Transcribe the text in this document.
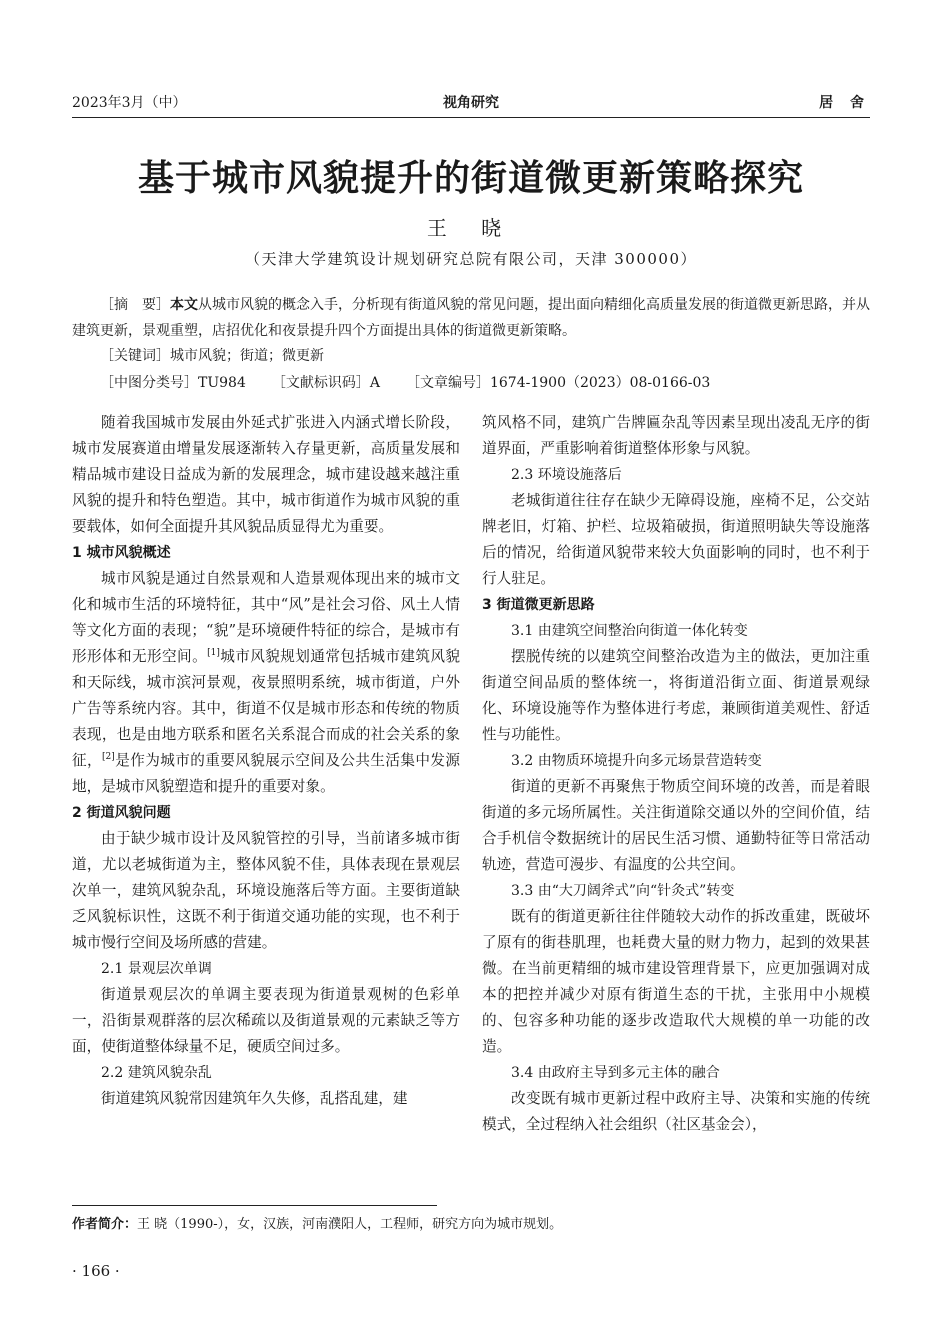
2023年3月（中）	视角研究	居 舍
基于城市风貌提升的街道微更新策略探究
王 晓
（天津大学建筑设计规划研究总院有限公司，天津 300000）
［摘　要］本文从城市风貌的概念入手，分析现有街道风貌的常见问题，提出面向精细化高质量发展的街道微更新思路，并从建筑更新，景观重塑，店招优化和夜景提升四个方面提出具体的街道微更新策略。
［关键词］城市风貌；街道；微更新
［中图分类号］TU984 ［文献标识码］A ［文章编号］1674-1900（2023）08-0166-03

随着我国城市发展由外延式扩张进入内涵式增长阶段，城市发展赛道由增量发展逐渐转入存量更新，高质量发展和精品城市建设日益成为新的发展理念，城市建设越来越注重风貌的提升和特色塑造。其中，城市街道作为城市风貌的重要载体，如何全面提升其风貌品质显得尤为重要。

1 城市风貌概述

城市风貌是通过自然景观和人造景观体现出来的城市文化和城市生活的环境特征，其中“风”是社会习俗、风土人情等文化方面的表现；“貌”是环境硬件特征的综合，是城市有形形体和无形空间。[1]城市风貌规划通常包括城市建筑风貌和天际线，城市滨河景观，夜景照明系统，城市街道，户外广告等系统内容。其中，街道不仅是城市形态和传统的物质表现，也是由地方联系和匿名关系混合而成的社会关系的象征，[2]是作为城市的重要风貌展示空间及公共生活集中发源地，是城市风貌塑造和提升的重要对象。

2 街道风貌问题

由于缺少城市设计及风貌管控的引导，当前诸多城市街道，尤以老城街道为主，整体风貌不佳，具体表现在景观层次单一，建筑风貌杂乱，环境设施落后等方面。主要街道缺乏风貌标识性，这既不利于街道交通功能的实现，也不利于城市慢行空间及场所感的营建。

2.1 景观层次单调

街道景观层次的单调主要表现为街道景观树的色彩单一，沿街景观群落的层次稀疏以及街道景观的元素缺乏等方面，使街道整体绿量不足，硬质空间过多。

2.2 建筑风貌杂乱

街道建筑风貌常因建筑年久失修，乱搭乱建，建

筑风格不同，建筑广告牌匾杂乱等因素呈现出凌乱无序的街道界面，严重影响着街道整体形象与风貌。

2.3 环境设施落后

老城街道往往存在缺少无障碍设施，座椅不足，公交站牌老旧，灯箱、护栏、垃圾箱破损，街道照明缺失等设施落后的情况，给街道风貌带来较大负面影响的同时，也不利于行人驻足。

3 街道微更新思路

3.1 由建筑空间整治向街道一体化转变

摆脱传统的以建筑空间整治改造为主的做法，更加注重街道空间品质的整体统一，将街道沿街立面、街道景观绿化、环境设施等作为整体进行考虑，兼顾街道美观性、舒适性与功能性。

3.2 由物质环境提升向多元场景营造转变

街道的更新不再聚焦于物质空间环境的改善，而是着眼街道的多元场所属性。关注街道除交通以外的空间价值，结合手机信令数据统计的居民生活习惯、通勤特征等日常活动轨迹，营造可漫步、有温度的公共空间。

3.3 由“大刀阔斧式”向“针灸式”转变

既有的街道更新往往伴随较大动作的拆改重建，既破坏了原有的街巷肌理，也耗费大量的财力物力，起到的效果甚微。在当前更精细的城市建设管理背景下，应更加强调对成本的把控并减少对原有街道生态的干扰，主张用中小规模的、包容多种功能的逐步改造取代大规模的单一功能的改造。

3.4 由政府主导到多元主体的融合

改变既有城市更新过程中政府主导、决策和实施的传统模式，全过程纳入社会组织（社区基金会），

作者简介：王 晓（1990-），女，汉族，河南濮阳人，工程师，研究方向为城市规划。
· 166 ·
